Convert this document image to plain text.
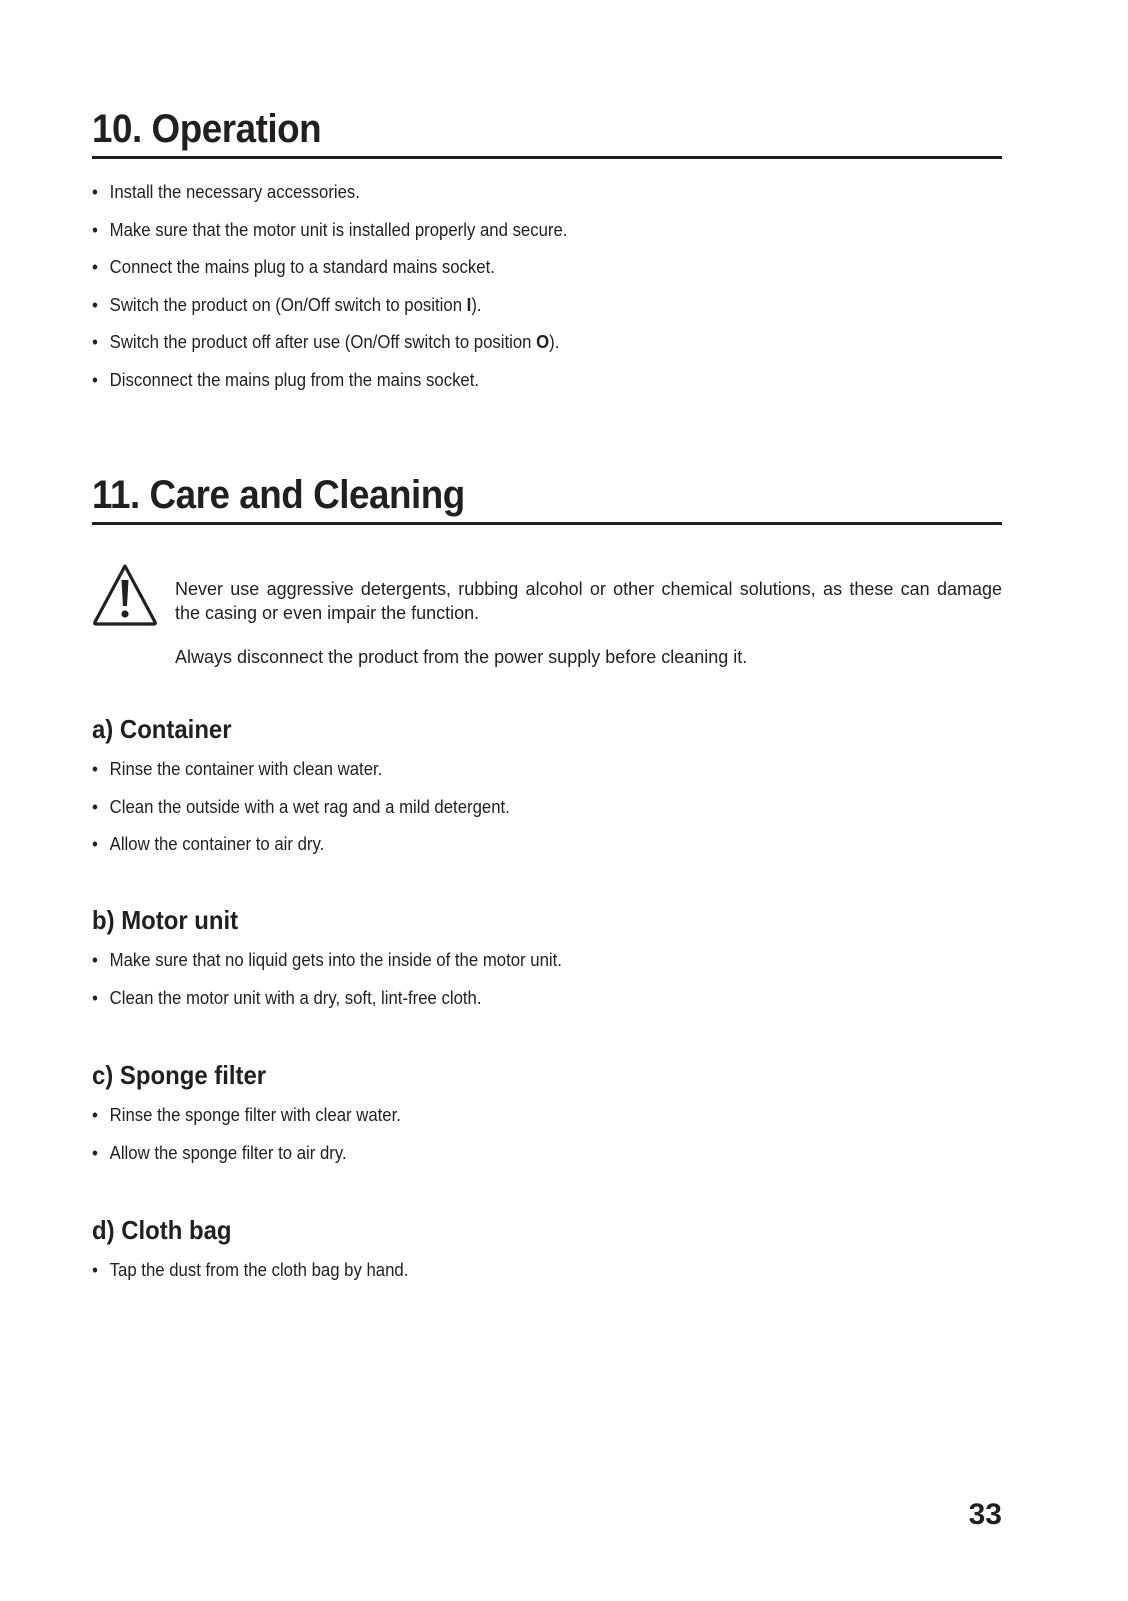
10. Operation
• Install the necessary accessories.
• Make sure that the motor unit is installed properly and secure.
• Connect the mains plug to a standard mains socket.
• Switch the product on (On/Off switch to position I).
• Switch the product off after use (On/Off switch to position O).
• Disconnect the mains plug from the mains socket.
11. Care and Cleaning

Never use aggressive detergents, rubbing alcohol or other chemical solutions, as these can damage the casing or even impair the function.

Always disconnect the product from the power supply before cleaning it.

a) Container
• Rinse the container with clean water.
• Clean the outside with a wet rag and a mild detergent.
• Allow the container to air dry.
b) Motor unit
• Make sure that no liquid gets into the inside of the motor unit.
• Clean the motor unit with a dry, soft, lint-free cloth.
c) Sponge filter
• Rinse the sponge filter with clear water.
• Allow the sponge filter to air dry.
d) Cloth bag
• Tap the dust from the cloth bag by hand.
33
